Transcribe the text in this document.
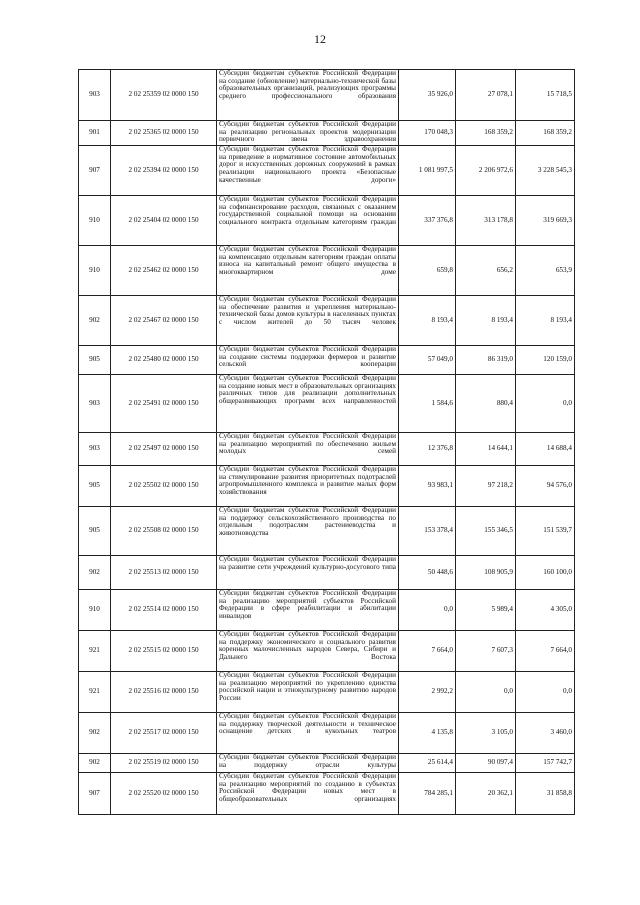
12
903	2 02 25359 02 0000 150	Субсидии бюджетам субъектов Российской Федерации на создание (обновление) материально-технической базы образовательных организаций, реализующих программы среднего профессионального образования	35 926,0	27 078,1	15 718,5
901	2 02 25365 02 0000 150	Субсидии бюджетам субъектов Российской Федерации на реализацию региональных проектов модернизации первичного звена здравоохранения	170 048,3	168 359,2	168 359,2
907	2 02 25394 02 0000 150	Субсидии бюджетам субъектов Российской Федерации на приведение в нормативное состояние автомобильных дорог и искусственных дорожных сооружений в рамках реализации национального проекта «Безопасные качественные дороги»	1 081 997,5	2 206 972,6	3 228 545,3
910	2 02 25404 02 0000 150	Субсидии бюджетам субъектов Российской Федерации на софинансирование расходов, связанных с оказанием государственной социальной помощи на основании социального контракта отдельным категориям граждан	337 376,8	313 178,8	319 669,3
910	2 02 25462 02 0000 150	Субсидии бюджетам субъектов Российской Федерации на компенсацию отдельным категориям граждан оплаты взноса на капитальный ремонт общего имущества в многоквартирном доме	659,8	656,2	653,9
902	2 02 25467 02 0000 150	Субсидии бюджетам субъектов Российской Федерации на обеспечение развития и укрепления материально-технической базы домов культуры в населенных пунктах с числом жителей до 50 тысяч человек	8 193,4	8 193,4	8 193,4
905	2 02 25480 02 0000 150	Субсидии бюджетам субъектов Российской Федерации на создание системы поддержки фермеров и развитие сельской кооперации	57 049,0	86 319,0	120 159,0
903	2 02 25491 02 0000 150	Субсидии бюджетам субъектов Российской Федерации на создание новых мест в образовательных организациях различных типов для реализации дополнительных общеразвивающих программ всех направленностей	1 584,6	880,4	0,0
903	2 02 25497 02 0000 150	Субсидии бюджетам субъектов Российской Федерации на реализацию мероприятий по обеспечению жильем молодых семей	12 376,8	14 644,1	14 688,4
905	2 02 25502 02 0000 150	Субсидии бюджетам субъектов Российской Федерации на стимулирование развития приоритетных подотраслей агропромышленного комплекса и развитие малых форм хозяйствования	93 983,1	97 218,2	94 576,0
905	2 02 25508 02 0000 150	Субсидии бюджетам субъектов Российской Федерации на поддержку сельскохозяйственного производства по отдельным подотраслям растениеводства и животноводства	153 378,4	155 346,5	151 539,7
902	2 02 25513 02 0000 150	Субсидии бюджетам субъектов Российской Федерации на развитие сети учреждений культурно-досугового типа	50 448,6	108 905,9	160 100,0
910	2 02 25514 02 0000 150	Субсидии бюджетам субъектов Российской Федерации на реализацию мероприятий субъектов Российской Федерации в сфере реабилитации и абилитации инвалидов	0,0	5 989,4	4 305,0
921	2 02 25515 02 0000 150	Субсидии бюджетам субъектов Российской Федерации на поддержку экономического и социального развития коренных малочисленных народов Севера, Сибири и Дальнего Востока	7 664,0	7 607,3	7 664,0
921	2 02 25516 02 0000 150	Субсидии бюджетам субъектов Российской Федерации на реализацию мероприятий по укреплению единства российской нации и этнокультурному развитию народов России	2 992,2	0,0	0,0
902	2 02 25517 02 0000 150	Субсидии бюджетам субъектов Российской Федерации на поддержку творческой деятельности и техническое оснащение детских и кукольных театров	4 135,8	3 105,0	3 460,0
902	2 02 25519 02 0000 150	Субсидии бюджетам субъектов Российской Федерации на поддержку отрасли культуры	25 614,4	90 097,4	157 742,7
907	2 02 25520 02 0000 150	Субсидии бюджетам субъектов Российской Федерации на реализацию мероприятий по созданию в субъектах Российской Федерации новых мест в общеобразовательных организациях	784 285,1	20 362,1	31 858,8
